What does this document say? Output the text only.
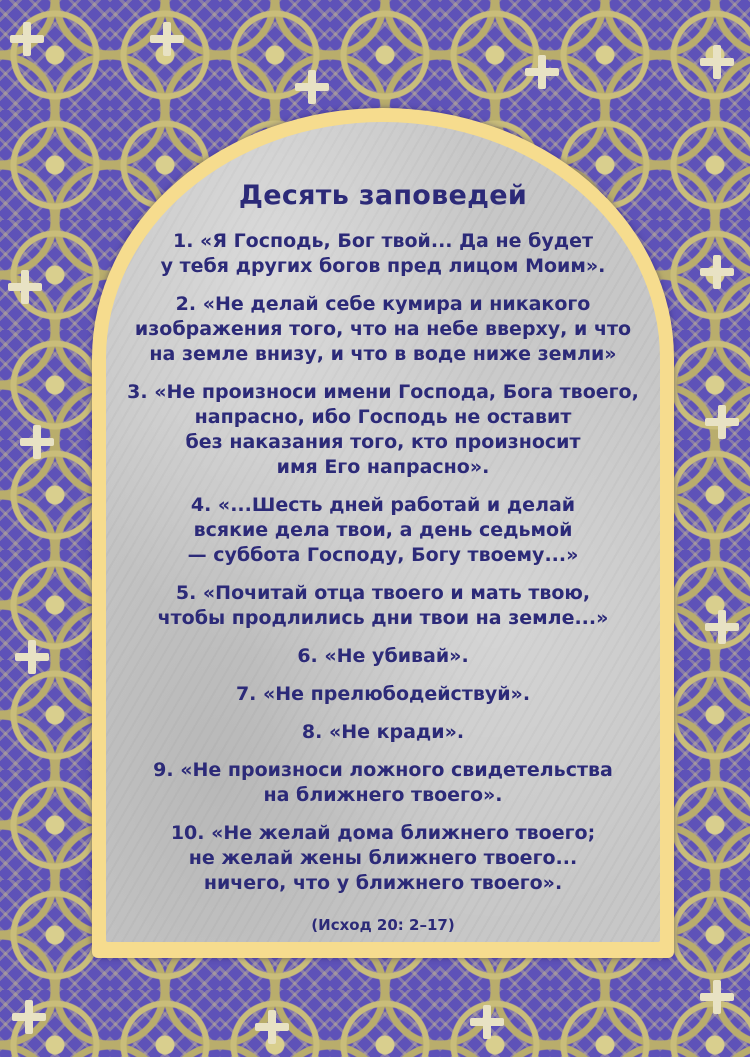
Десять заповедей

1. «Я Господь, Бог твой... Да не будет
у тебя других богов пред лицом Моим».

2. «Не делай себе кумира и никакого
изображения того, что на небе вверху, и что
на земле внизу, и что в воде ниже земли»

3. «Не произноси имени Господа, Бога твоего,
напрасно, ибо Господь не оставит
без наказания того, кто произносит
имя Его напрасно».

4. «...Шесть дней работай и делай
всякие дела твои, а день седьмой
— суббота Господу, Богу твоему...»

5. «Почитай отца твоего и мать твою,
чтобы продлились дни твои на земле...»

6. «Не убивай».

7. «Не прелюбодействуй».

8. «Не кради».

9. «Не произноси ложного свидетельства
на ближнего твоего».

10. «Не желай дома ближнего твоего;
не желай жены ближнего твоего...
ничего, что у ближнего твоего».

(Исход 20: 2–17)
